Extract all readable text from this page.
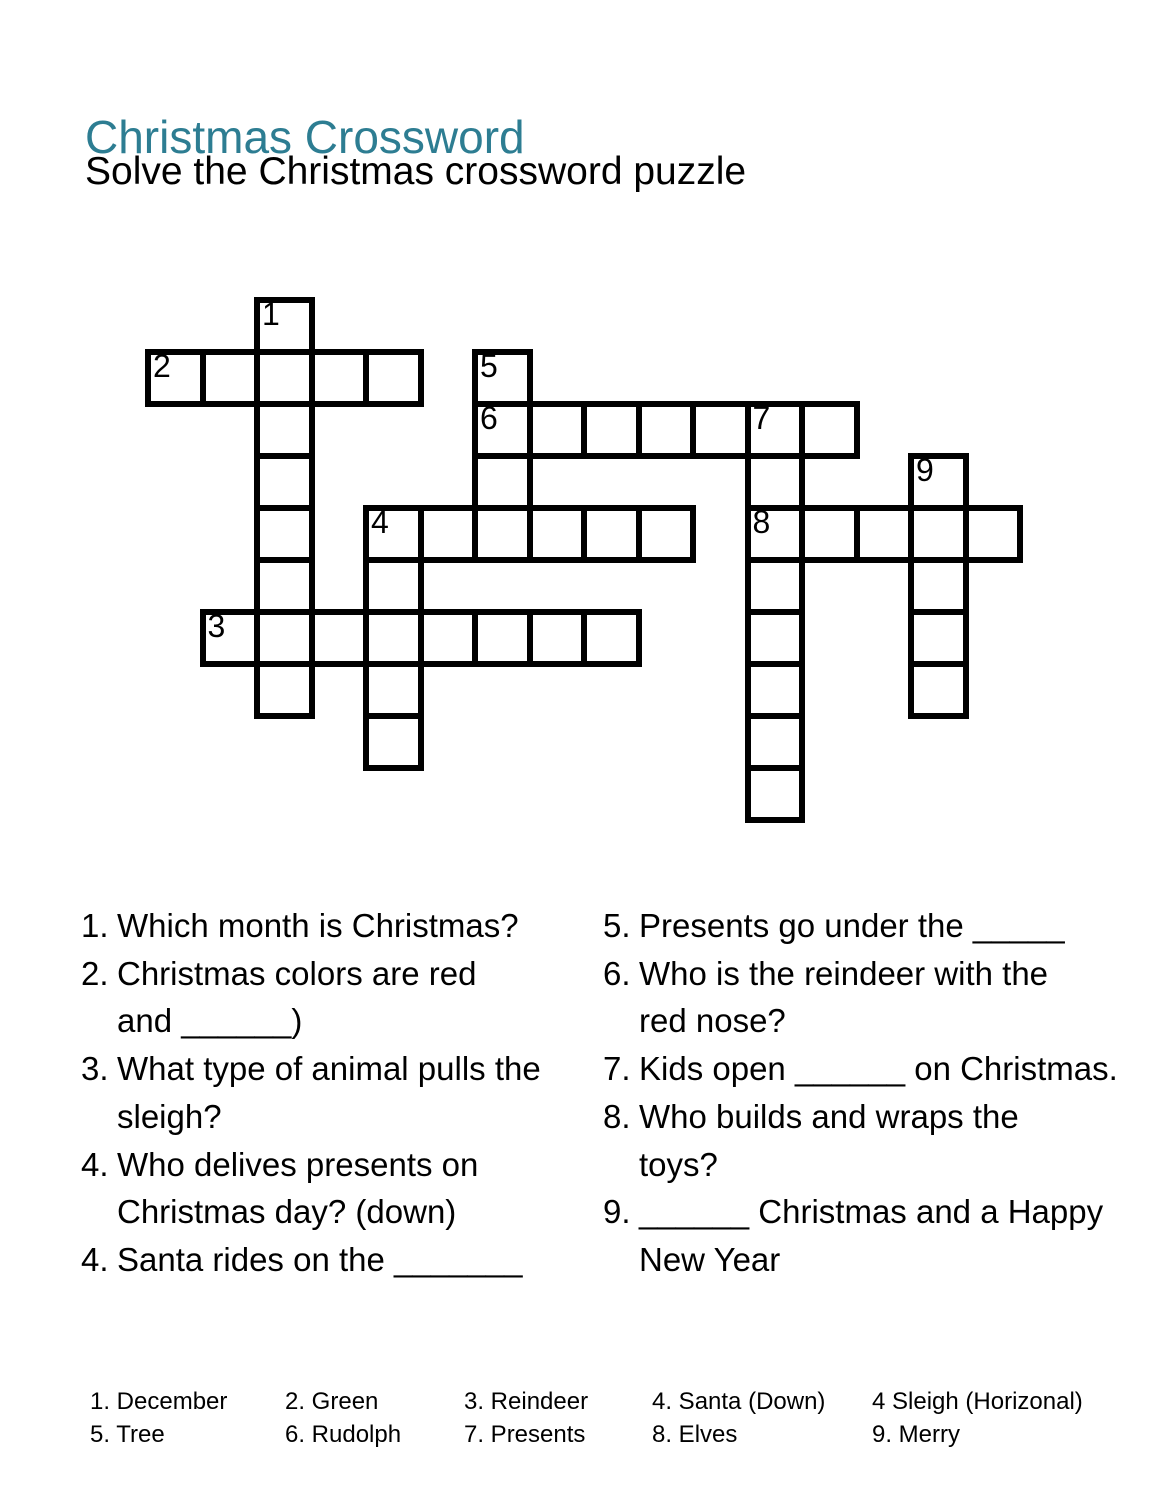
Christmas Crossword
Solve the Christmas crossword puzzle
1
2	5
6	7
9
4	8
3
1. Which month is Christmas?
2. Christmas colors are red
and ______)
3. What type of animal pulls the
sleigh?
4. Who delives presents on
Christmas day? (down)
4. Santa rides on the _______
5. Presents go under the _____
6. Who is the reindeer with the
red nose?
7. Kids open ______ on Christmas.
8. Who builds and wraps the
toys?
9. ______ Christmas and a Happy
New Year
1. December 2. Green	3. Reindeer	4. Santa (Down) 4 Sleigh (Horizonal)
5. Tree	6. Rudolph	7. Presents	8. Elves	9. Merry
